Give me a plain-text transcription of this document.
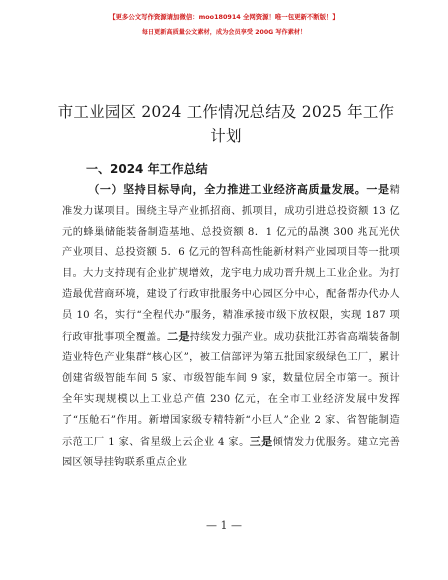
【更多公文写作资源请加微信：moo180914 全网资源！唯一包更新不断版！】
每日更新高质量公文素材，成为会员享受 200G 写作素材！
市工业园区 2024 工作情况总结及 2025 年工作计划
一、2024 年工作总结

（一）坚持目标导向，全力推进工业经济高质量发展。一是精准发力谋项目。围绕主导产业抓招商、抓项目，成功引进总投资额 13 亿元的蜂巢储能装备制造基地、总投资额 8．1 亿元的晶澳 300 兆瓦光伏产业项目、总投资额 5．6 亿元的智科高性能新材料产业园项目等一批项目。大力支持现有企业扩规增效，龙宇电力成功晋升规上工业企业。为打造最优营商环境，建设了行政审批服务中心园区分中心，配备帮办代办人员 10 名，实行“全程代办”服务，精准承接市级下放权限，实现 187 项行政审批事项全覆盖。二是持续发力强产业。成功获批江苏省高端装备制造业特色产业集群“核心区”，被工信部评为第五批国家级绿色工厂，累计创建省级智能车间 5 家、市级智能车间 9 家，数量位居全市第一。预计全年实现规模以上工业总产值 230 亿元，在全市工业经济发展中发挥了“压舱石”作用。新增国家级专精特新“小巨人”企业 2 家、省智能制造示范工厂 1 家、省星级上云企业 4 家。三是倾情发力优服务。建立完善园区领导挂钩联系重点企业

— 1 —
